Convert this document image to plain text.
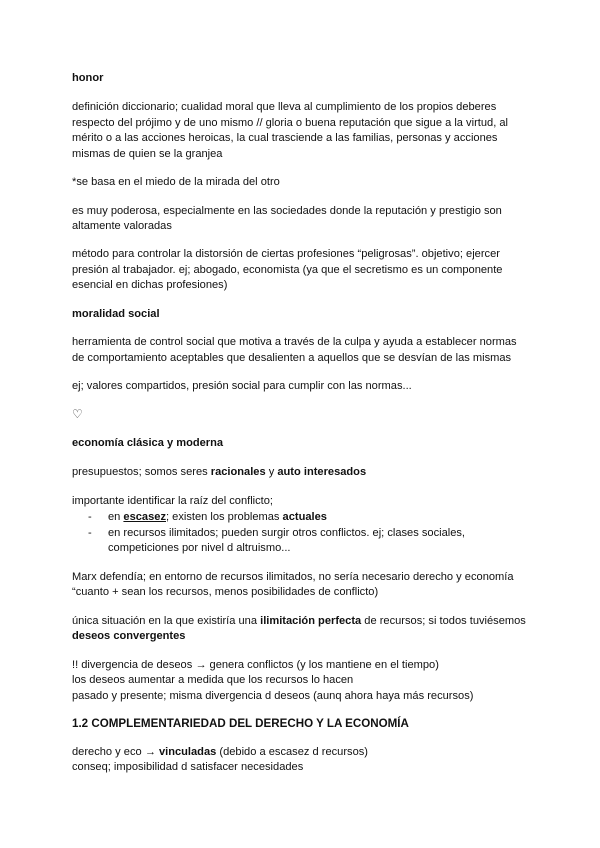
honor
definición diccionario; cualidad moral que lleva al cumplimiento de los propios deberes
respecto del prójimo y de uno mismo // gloria o buena reputación que sigue a la virtud, al
mérito o a las acciones heroicas, la cual trasciende a las familias, personas y acciones
mismas de quien se la granjea
*se basa en el miedo de la mirada del otro
es muy poderosa, especialmente en las sociedades donde la reputación y prestigio son
altamente valoradas
método para controlar la distorsión de ciertas profesiones “peligrosas”. objetivo; ejercer
presión al trabajador. ej; abogado, economista (ya que el secretismo es un componente
esencial en dichas profesiones)
moralidad social
herramienta de control social que motiva a través de la culpa y ayuda a establecer normas
de comportamiento aceptables que desalienten a aquellos que se desvían de las mismas
ej; valores compartidos, presión social para cumplir con las normas...
♡
economía clásica y moderna
presupuestos; somos seres racionales y auto interesados
importante identificar la raíz del conflicto;
- en escasez; existen los problemas actuales
- en recursos ilimitados; pueden surgir otros conflictos. ej; clases sociales,
competiciones por nivel d altruismo...
Marx defendía; en entorno de recursos ilimitados, no sería necesario derecho y economía
“cuanto + sean los recursos, menos posibilidades de conflicto)
única situación en la que existiría una ilimitación perfecta de recursos; si todos tuviésemos
deseos convergentes
!! divergencia de deseos → genera conflictos (y los mantiene en el tiempo)
los deseos aumentar a medida que los recursos lo hacen
pasado y presente; misma divergencia d deseos (aunq ahora haya más recursos)
1.2 COMPLEMENTARIEDAD DEL DERECHO Y LA ECONOMÍA
derecho y eco → vinculadas (debido a escasez d recursos)
conseq; imposibilidad d satisfacer necesidades
